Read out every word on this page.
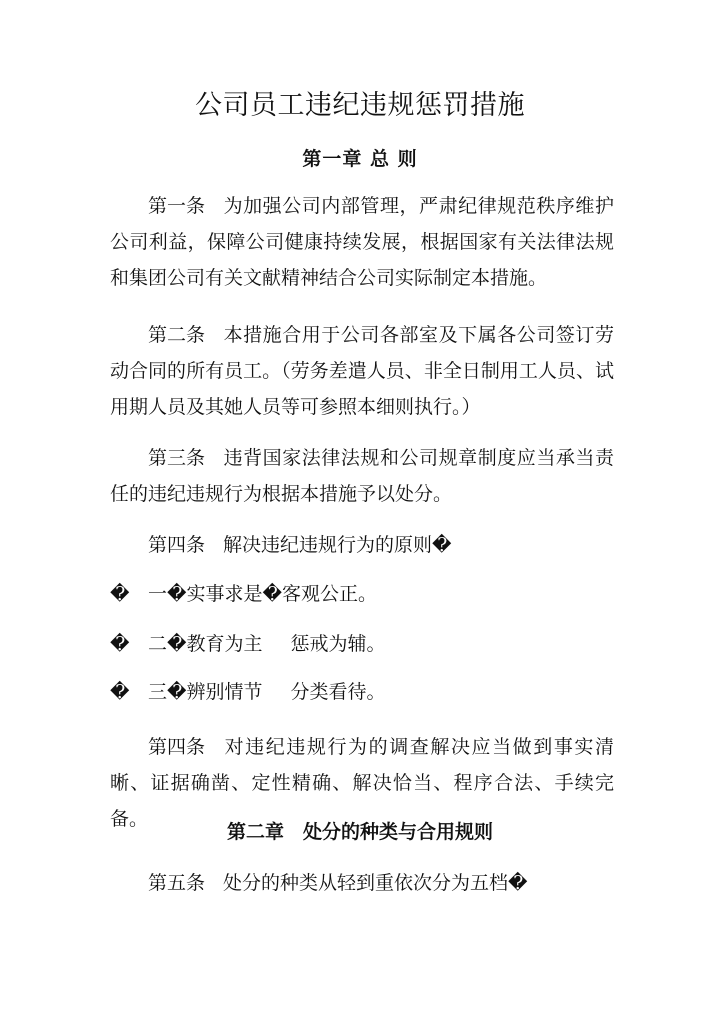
公司员工违纪违规惩罚措施
第一章 总 则
第一条 为加强公司内部管理，严肃纪律规范秩序维护公司利益，保障公司健康持续发展，根据国家有关法律法规和集团公司有关文献精神结合公司实际制定本措施。
第二条 本措施合用于公司各部室及下属各公司签订劳动合同的所有员工。（劳务差遣人员、非全日制用工人员、试用期人员及其她人员等可参照本细则执行。）
第三条 违背国家法律法规和公司规章制度应当承当责任的违纪违规行为根据本措施予以处分。
第四条 解决违纪违规行为的原则�
� 一�实事求是�客观公正。
� 二�教育为主 惩戒为辅。
� 三�辨别情节 分类看待。
第四条 对违纪违规行为的调查解决应当做到事实清晰、证据确凿、定性精确、解决恰当、程序合法、手续完备。
第二章　处分的种类与合用规则
第五条 处分的种类从轻到重依次分为五档�
